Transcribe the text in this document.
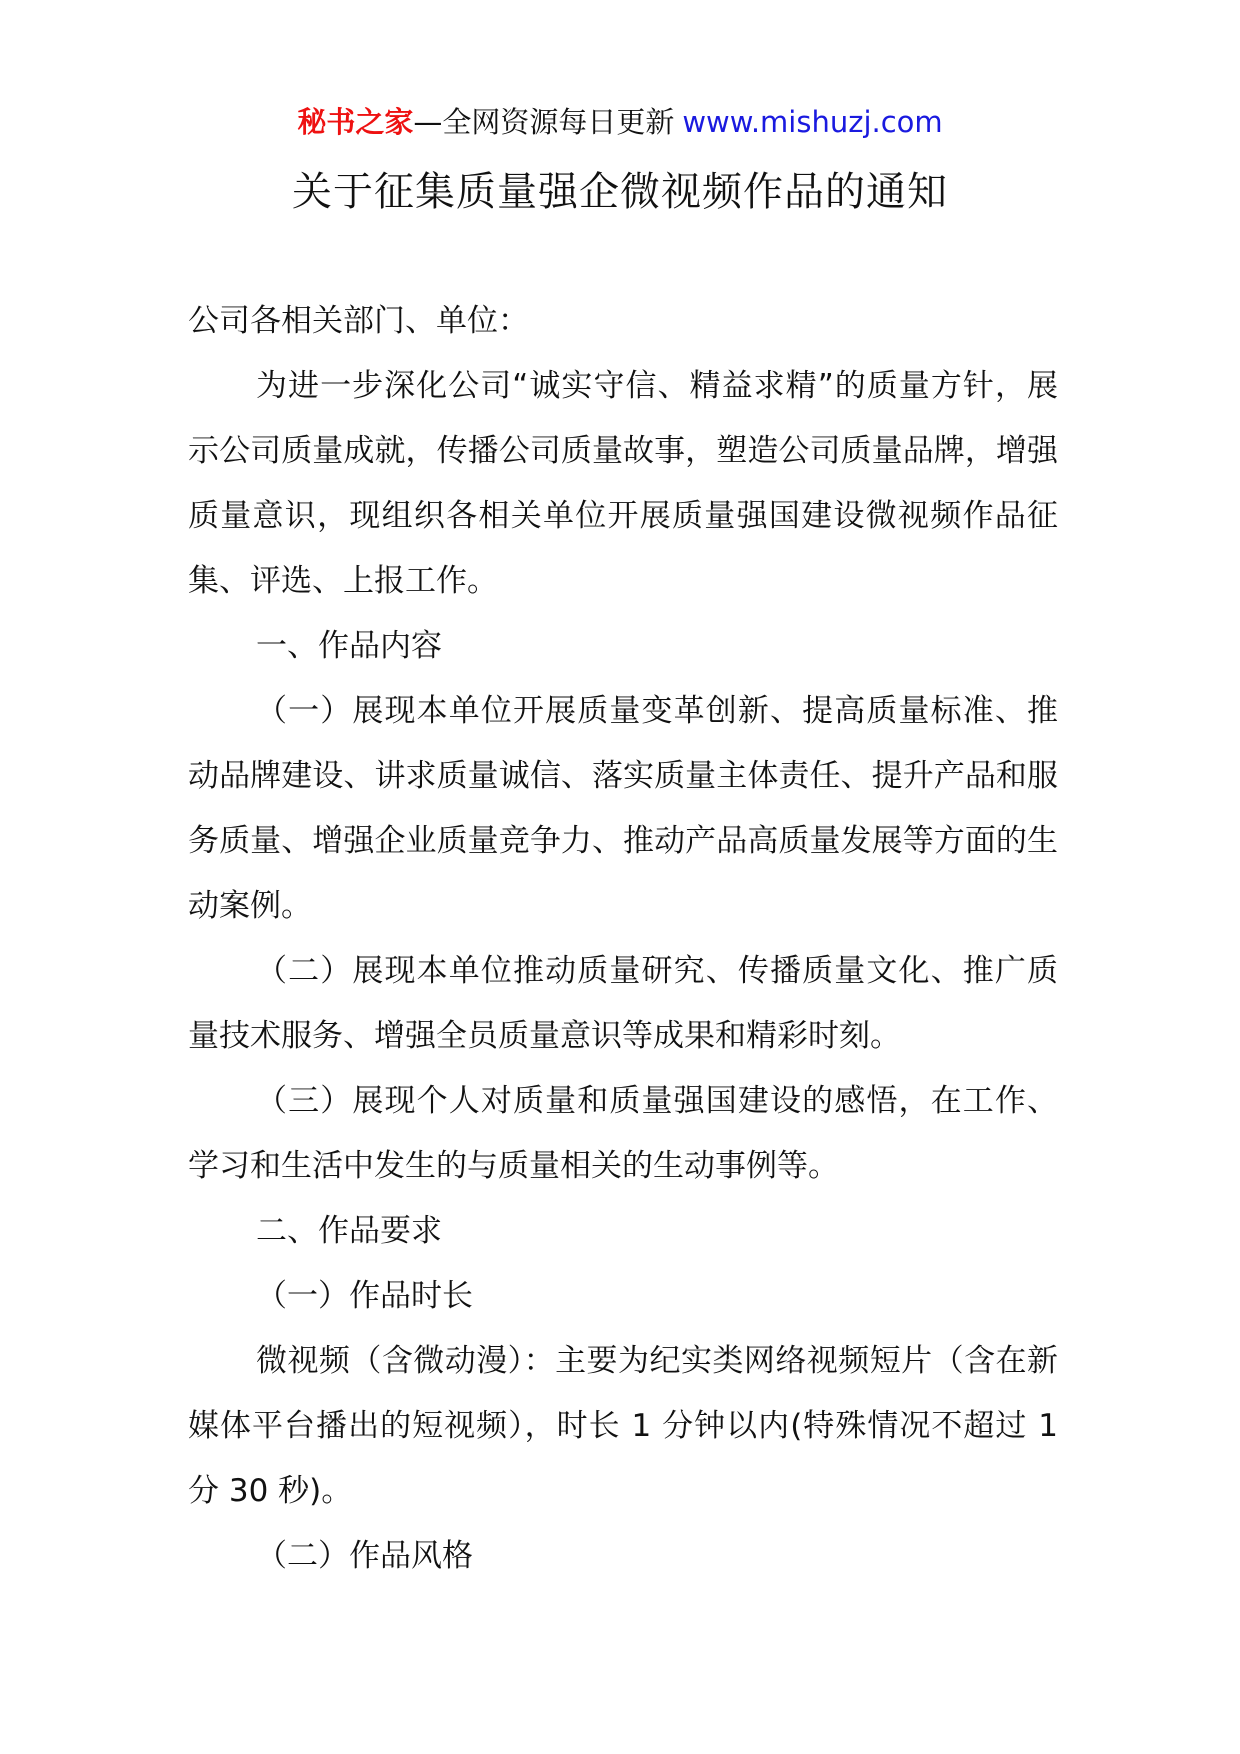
秘书之家—全网资源每日更新 www.mishuzj.com
关于征集质量强企微视频作品的通知

公司各相关部门、单位：

为进一步深化公司“诚实守信、精益求精”的质量方针，展示公司质量成就，传播公司质量故事，塑造公司质量品牌，增强质量意识，现组织各相关单位开展质量强国建设微视频作品征集、评选、上报工作。

一、作品内容

（一）展现本单位开展质量变革创新、提高质量标准、推动品牌建设、讲求质量诚信、落实质量主体责任、提升产品和服务质量、增强企业质量竞争力、推动产品高质量发展等方面的生动案例。

（二）展现本单位推动质量研究、传播质量文化、推广质量技术服务、增强全员质量意识等成果和精彩时刻。

（三）展现个人对质量和质量强国建设的感悟，在工作、学习和生活中发生的与质量相关的生动事例等。

二、作品要求

（一）作品时长

微视频（含微动漫）：主要为纪实类网络视频短片（含在新媒体平台播出的短视频），时长 1 分钟以内(特殊情况不超过 1 分 30 秒)。

（二）作品风格
